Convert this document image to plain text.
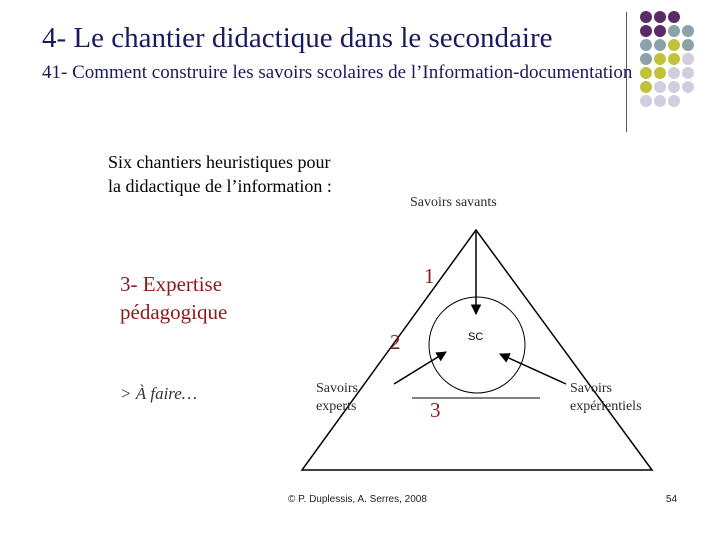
4- Le chantier didactique dans le secondaire
41- Comment construire les savoirs scolaires de l’Information-documentation
Six chantiers heuristiques pour la didactique de l’information :
3- Expertise pédagogique
> À faire…
Savoirs savants
Savoirs experts
Savoirs expérientiels
SC
1
2
3
© P. Duplessis, A. Serres, 2008	54
